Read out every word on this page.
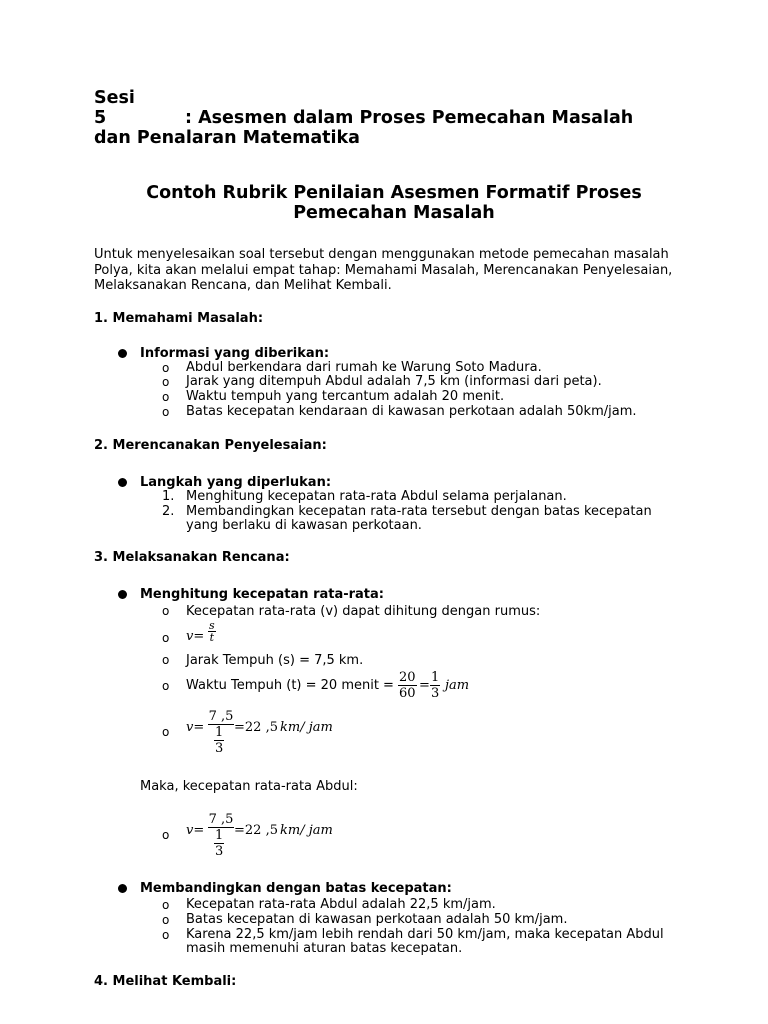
Sesi 5	: Asesmen dalam Proses Pemecahan Masalah

dan Penalaran Matematika

Contoh Rubrik Penilaian Asesmen Formatif Proses
Pemecahan Masalah

Untuk menyelesaikan soal tersebut dengan menggunakan metode pemecahan masalah
Polya, kita akan melalui empat tahap: Memahami Masalah, Merencanakan Penyelesaian,
Melaksanakan Rencana, dan Melihat Kembali.

1. Memahami Masalah:

Informasi yang diberikan:
o Abdul berkendara dari rumah ke Warung Soto Madura.
o Jarak yang ditempuh Abdul adalah 7,5 km (informasi dari peta).
o Waktu tempuh yang tercantum adalah 20 menit.
o Batas kecepatan kendaraan di kawasan perkotaan adalah 50km/jam.

2. Merencanakan Penyelesaian:

Langkah yang diperlukan:
1. Menghitung kecepatan rata-rata Abdul selama perjalanan.
2. Membandingkan kecepatan rata-rata tersebut dengan batas kecepatan
yang berlaku di kawasan perkotaan.

3. Melaksanakan Rencana:

Menghitung kecepatan rata-rata:
o Kecepatan rata-rata (v) dapat dihitung dengan rumus:
o $v= \frac{s}{t}$
o Jarak Tempuh (s) = 7,5 km.
o Waktu Tempuh (t) = 20 menit = $\frac{20}{60} = \frac{1}{3}$ jam
o v=
7 ,5
$\frac{1}{3} =22$ ,5 km/ jam
Maka, kecepatan rata-rata Abdul:
o v=
7 ,5
$\frac{1}{3} =22$ ,5 km/ jam
Membandingkan dengan batas kecepatan:
o Kecepatan rata-rata Abdul adalah 22,5 km/jam.
o Batas kecepatan di kawasan perkotaan adalah 50 km/jam.
o Karena 22,5 km/jam lebih rendah dari 50 km/jam, maka kecepatan Abdul
masih memenuhi aturan batas kecepatan.

4. Melihat Kembali:
